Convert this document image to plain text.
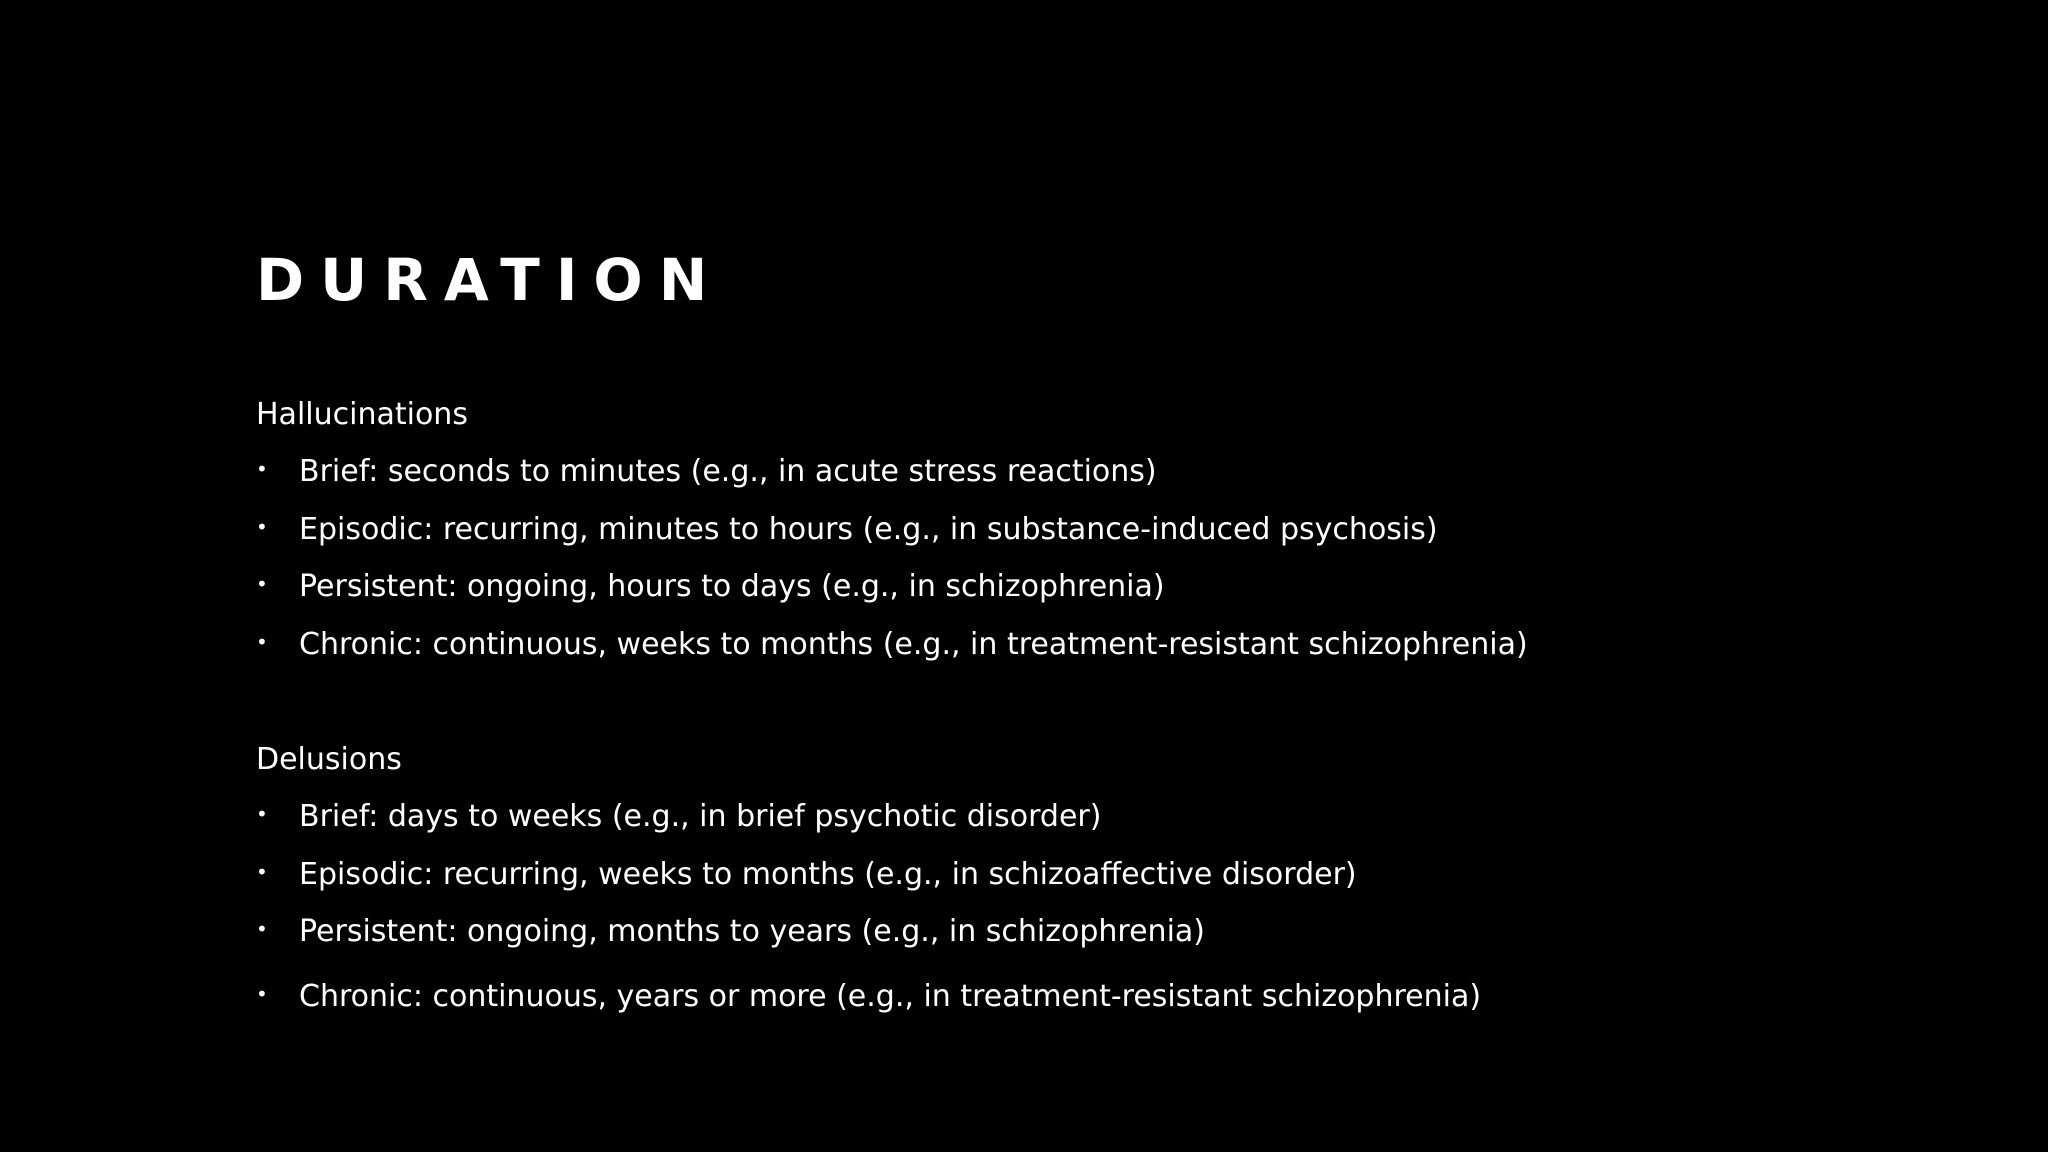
DURATION
Hallucinations
• Brief: seconds to minutes (e.g., in acute stress reactions)
• Episodic: recurring, minutes to hours (e.g., in substance-induced psychosis)
• Persistent: ongoing, hours to days (e.g., in schizophrenia)
• Chronic: continuous, weeks to months (e.g., in treatment-resistant schizophrenia)
Delusions
• Brief: days to weeks (e.g., in brief psychotic disorder)
• Episodic: recurring, weeks to months (e.g., in schizoaffective disorder)
• Persistent: ongoing, months to years (e.g., in schizophrenia)
• Chronic: continuous, years or more (e.g., in treatment-resistant schizophrenia)
